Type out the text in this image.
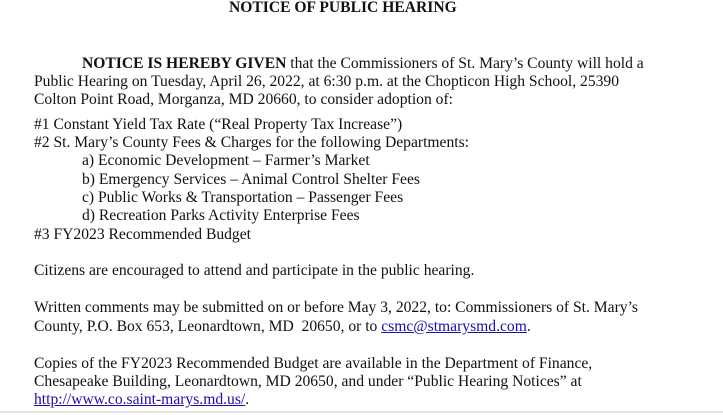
NOTICE OF PUBLIC HEARING
NOTICE IS HEREBY GIVEN that the Commissioners of St. Mary’s County will hold a
Public Hearing on Tuesday, April 26, 2022, at 6:30 p.m. at the Chopticon High School, 25390
Colton Point Road, Morganza, MD 20660, to consider adoption of:
#1 Constant Yield Tax Rate (“Real Property Tax Increase”)
#2 St. Mary’s County Fees & Charges for the following Departments:
a) Economic Development – Farmer’s Market
b) Emergency Services – Animal Control Shelter Fees
c) Public Works & Transportation – Passenger Fees
d) Recreation Parks Activity Enterprise Fees
#3 FY2023 Recommended Budget
Citizens are encouraged to attend and participate in the public hearing.
Written comments may be submitted on or before May 3, 2022, to: Commissioners of St. Mary’s
County, P.O. Box 653, Leonardtown, MD  20650, or to csmc@stmarysmd.com.
Copies of the FY2023 Recommended Budget are available in the Department of Finance,
Chesapeake Building, Leonardtown, MD 20650, and under “Public Hearing Notices” at
http://www.co.saint-marys.md.us/.
